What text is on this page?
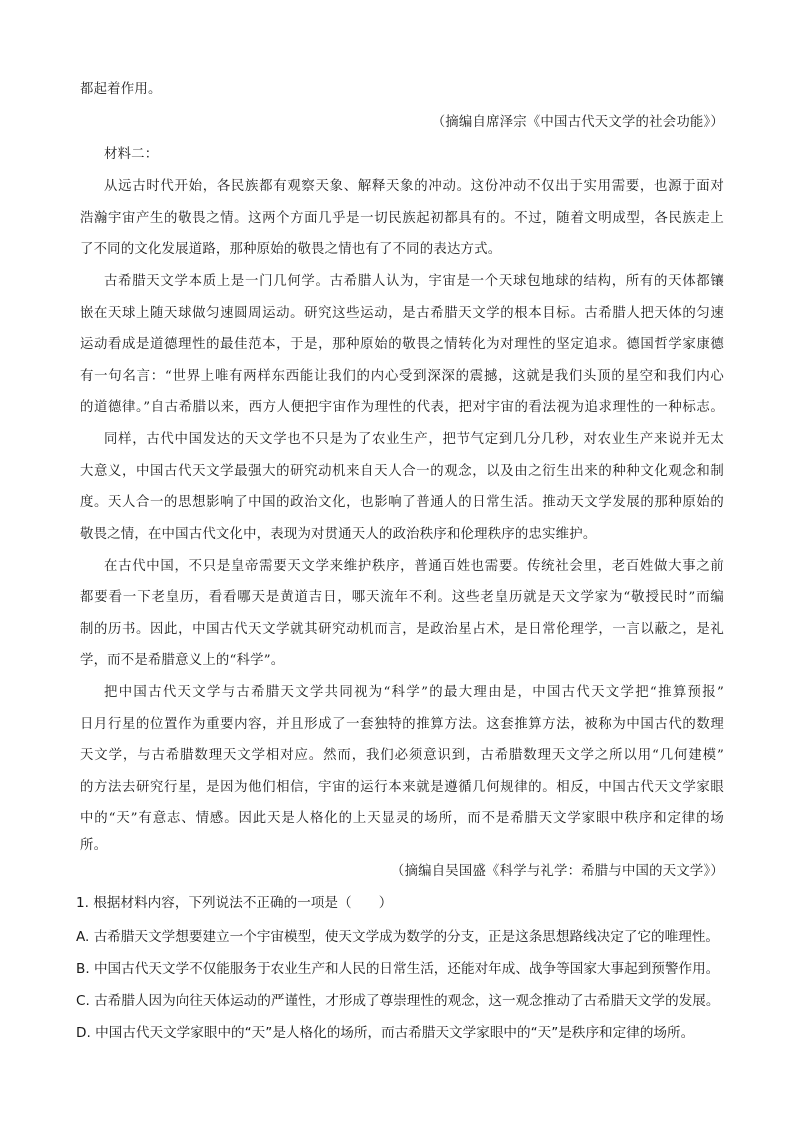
都起着作用。
（摘编自席泽宗《中国古代天文学的社会功能》）
材料二：
从远古时代开始，各民族都有观察天象、解释天象的冲动。这份冲动不仅出于实用需要，也源于面对
浩瀚宇宙产生的敬畏之情。这两个方面几乎是一切民族起初都具有的。不过，随着文明成型，各民族走上
了不同的文化发展道路，那种原始的敬畏之情也有了不同的表达方式。
古希腊天文学本质上是一门几何学。古希腊人认为，宇宙是一个天球包地球的结构，所有的天体都镶
嵌在天球上随天球做匀速圆周运动。研究这些运动，是古希腊天文学的根本目标。古希腊人把天体的匀速
运动看成是道德理性的最佳范本，于是，那种原始的敬畏之情转化为对理性的坚定追求。德国哲学家康德
有一句名言：“世界上唯有两样东西能让我们的内心受到深深的震撼，这就是我们头顶的星空和我们内心
的道德律。”自古希腊以来，西方人便把宇宙作为理性的代表，把对宇宙的看法视为追求理性的一种标志。
同样，古代中国发达的天文学也不只是为了农业生产，把节气定到几分几秒，对农业生产来说并无太
大意义，中国古代天文学最强大的研究动机来自天人合一的观念，以及由之衍生出来的种种文化观念和制
度。天人合一的思想影响了中国的政治文化，也影响了普通人的日常生活。推动天文学发展的那种原始的
敬畏之情，在中国古代文化中，表现为对贯通天人的政治秩序和伦理秩序的忠实维护。
在古代中国，不只是皇帝需要天文学来维护秩序，普通百姓也需要。传统社会里，老百姓做大事之前
都要看一下老皇历，看看哪天是黄道吉日，哪天流年不利。这些老皇历就是天文学家为“敬授民时”而编
制的历书。因此，中国古代天文学就其研究动机而言，是政治星占术，是日常伦理学，一言以蔽之，是礼
学，而不是希腊意义上的“科学”。
把中国古代天文学与古希腊天文学共同视为“科学”的最大理由是，中国古代天文学把“推算预报”
日月行星的位置作为重要内容，并且形成了一套独特的推算方法。这套推算方法，被称为中国古代的数理
天文学，与古希腊数理天文学相对应。然而，我们必须意识到，古希腊数理天文学之所以用“几何建模”
的方法去研究行星，是因为他们相信，宇宙的运行本来就是遵循几何规律的。相反，中国古代天文学家眼
中的“天”有意志、情感。因此天是人格化的上天显灵的场所，而不是希腊天文学家眼中秩序和定律的场
所。
（摘编自吴国盛《科学与礼学：希腊与中国的天文学》）
1. 根据材料内容，下列说法不正确的一项是（　　）
A. 古希腊天文学想要建立一个宇宙模型，使天文学成为数学的分支，正是这条思想路线决定了它的唯理性。
B. 中国古代天文学不仅能服务于农业生产和人民的日常生活，还能对年成、战争等国家大事起到预警作用。
C. 古希腊人因为向往天体运动的严谨性，才形成了尊崇理性的观念，这一观念推动了古希腊天文学的发展。
D. 中国古代天文学家眼中的“天”是人格化的场所，而古希腊天文学家眼中的“天”是秩序和定律的场所。
